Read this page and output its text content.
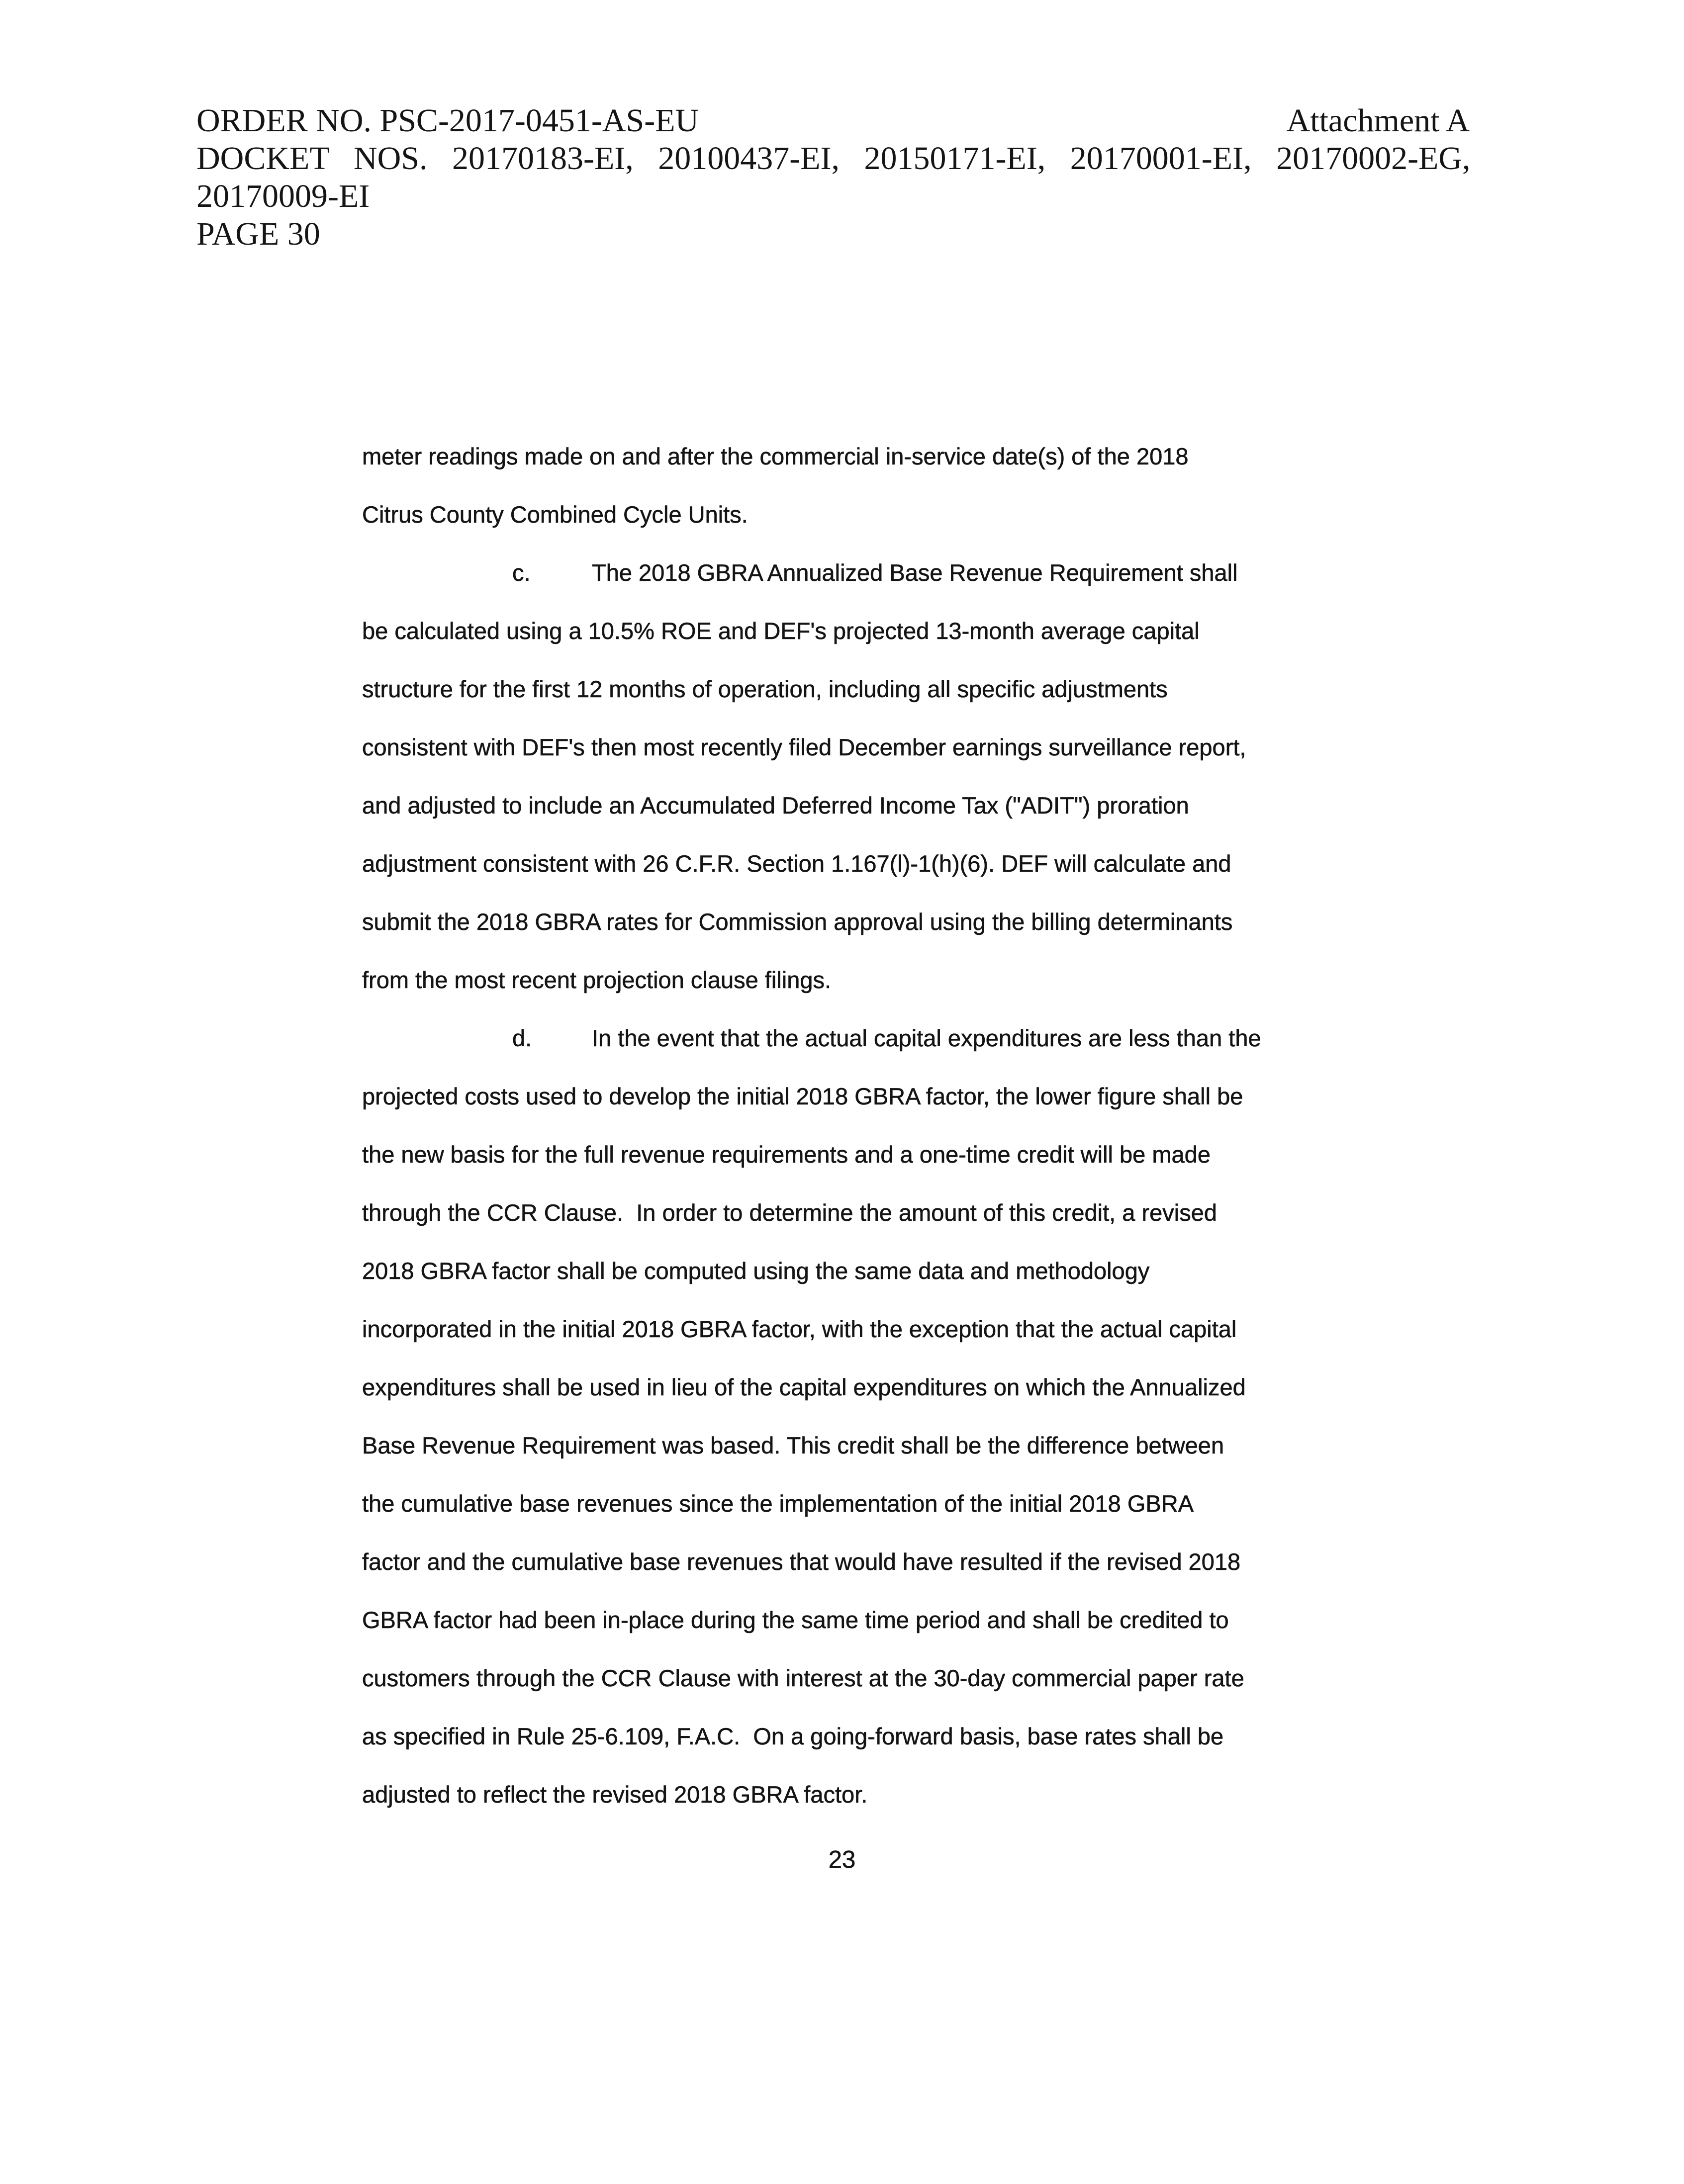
ORDER NO. PSC-2017-0451-AS-EU	Attachment A
DOCKET   NOS.   20170183-EI,   20100437-EI,   20150171-EI,   20170001-EI,   20170002-EG,
20170009-EI
PAGE 30
meter readings made on and after the commercial in-service date(s) of the 2018
Citrus County Combined Cycle Units.
c.	The 2018 GBRA Annualized Base Revenue Requirement shall
be calculated using a 10.5% ROE and DEF's projected 13-month average capital
structure for the first 12 months of operation, including all specific adjustments
consistent with DEF's then most recently filed December earnings surveillance report,
and adjusted to include an Accumulated Deferred Income Tax ("ADIT") proration
adjustment consistent with 26 C.F.R. Section 1.167(l)-1(h)(6). DEF will calculate and
submit the 2018 GBRA rates for Commission approval using the billing determinants
from the most recent projection clause filings.
d.	In the event that the actual capital expenditures are less than the
projected costs used to develop the initial 2018 GBRA factor, the lower figure shall be
the new basis for the full revenue requirements and a one-time credit will be made
through the CCR Clause.  In order to determine the amount of this credit, a revised
2018 GBRA factor shall be computed using the same data and methodology
incorporated in the initial 2018 GBRA factor, with the exception that the actual capital
expenditures shall be used in lieu of the capital expenditures on which the Annualized
Base Revenue Requirement was based. This credit shall be the difference between
the cumulative base revenues since the implementation of the initial 2018 GBRA
factor and the cumulative base revenues that would have resulted if the revised 2018
GBRA factor had been in-place during the same time period and shall be credited to
customers through the CCR Clause with interest at the 30-day commercial paper rate
as specified in Rule 25-6.109, F.A.C.  On a going-forward basis, base rates shall be
adjusted to reflect the revised 2018 GBRA factor.
23
